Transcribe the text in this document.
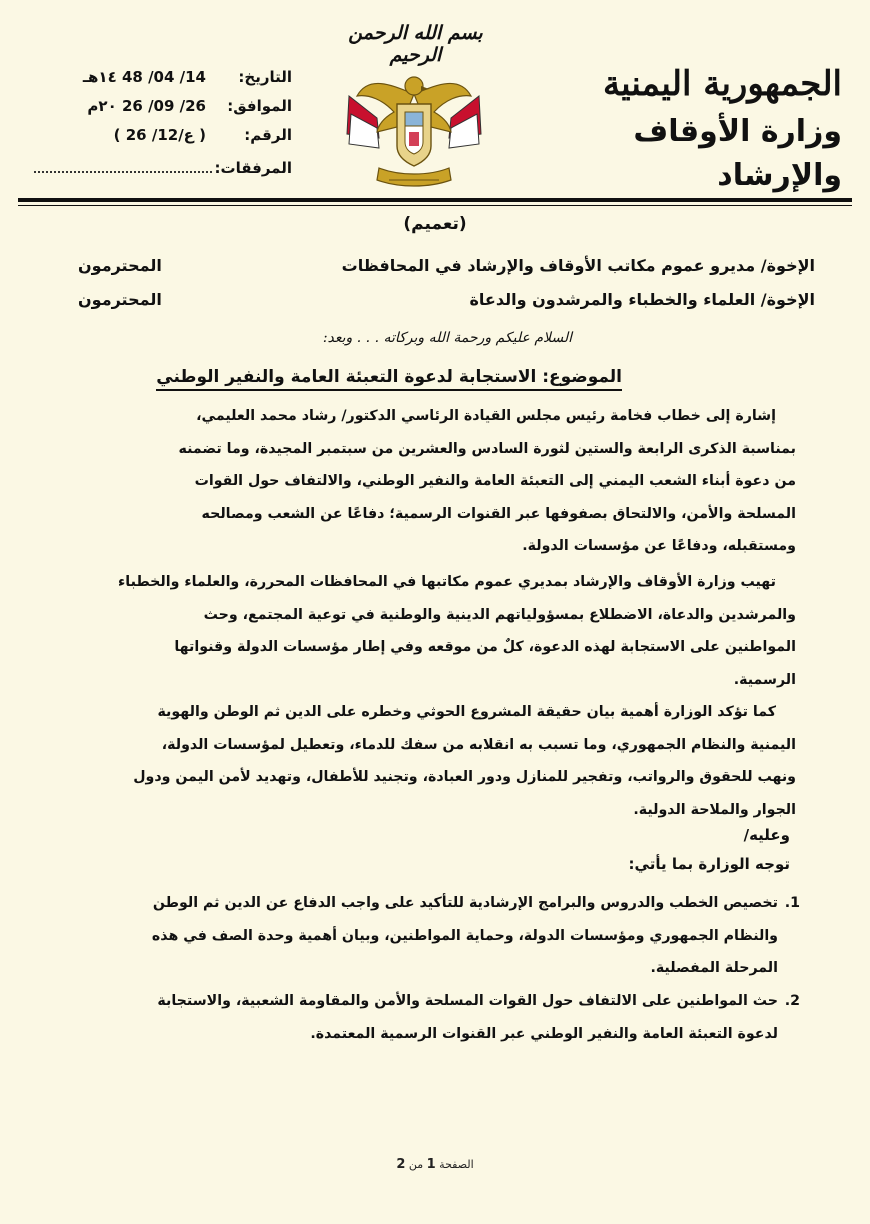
الجمهورية اليمنية
وزارة الأوقاف والإرشاد
بسم الله الرحمن الرحيم
التاريخ:
14/ 04/ 48 ١٤هـ
الموافق:
26/ 09/ 26 ٢٠م
الرقم:
( ع/12/ 26 )
المرفقات:
(تعميم)
الإخوة/ مديرو عموم مكاتب الأوقاف والإرشاد في المحافظات
المحترمون
الإخوة/ العلماء والخطباء والمرشدون والدعاة
المحترمون
السلام عليكم ورحمة الله وبركاته . . . وبعد:
الموضوع: الاستجابة لدعوة التعبئة العامة والنفير الوطني
إشارة إلى خطاب فخامة رئيس مجلس القيادة الرئاسي الدكتور/ رشاد محمد العليمي،
بمناسبة الذكرى الرابعة والستين لثورة السادس والعشرين من سبتمبر المجيدة، وما تضمنه
من دعوة أبناء الشعب اليمني إلى التعبئة العامة والنفير الوطني، والالتفاف حول القوات
المسلحة والأمن، والالتحاق بصفوفها عبر القنوات الرسمية؛ دفاعًا عن الشعب ومصالحه
ومستقبله، ودفاعًا عن مؤسسات الدولة.
تهيب وزارة الأوقاف والإرشاد بمديري عموم مكاتبها في المحافظات المحررة، والعلماء والخطباء
والمرشدين والدعاة، الاضطلاع بمسؤولياتهم الدينية والوطنية في توعية المجتمع، وحث
المواطنين على الاستجابة لهذه الدعوة، كلٌ من موقعه وفي إطار مؤسسات الدولة وقنواتها
الرسمية.
كما تؤكد الوزارة أهمية بيان حقيقة المشروع الحوثي وخطره على الدين ثم الوطن والهوية
اليمنية والنظام الجمهوري، وما تسبب به انقلابه من سفك للدماء، وتعطيل لمؤسسات الدولة،
ونهب للحقوق والرواتب، وتفجير للمنازل ودور العبادة، وتجنيد للأطفال، وتهديد لأمن اليمن ودول
الجوار والملاحة الدولية.
وعليه/
توجه الوزارة بما يأتي:
1.
تخصيص الخطب والدروس والبرامج الإرشادية للتأكيد على واجب الدفاع عن الدين ثم الوطن
والنظام الجمهوري ومؤسسات الدولة، وحماية المواطنين، وبيان أهمية وحدة الصف في هذه
المرحلة المفصلية.
2.
حث المواطنين على الالتفاف حول القوات المسلحة والأمن والمقاومة الشعبية، والاستجابة
لدعوة التعبئة العامة والنفير الوطني عبر القنوات الرسمية المعتمدة.
الصفحة 1 من 2
